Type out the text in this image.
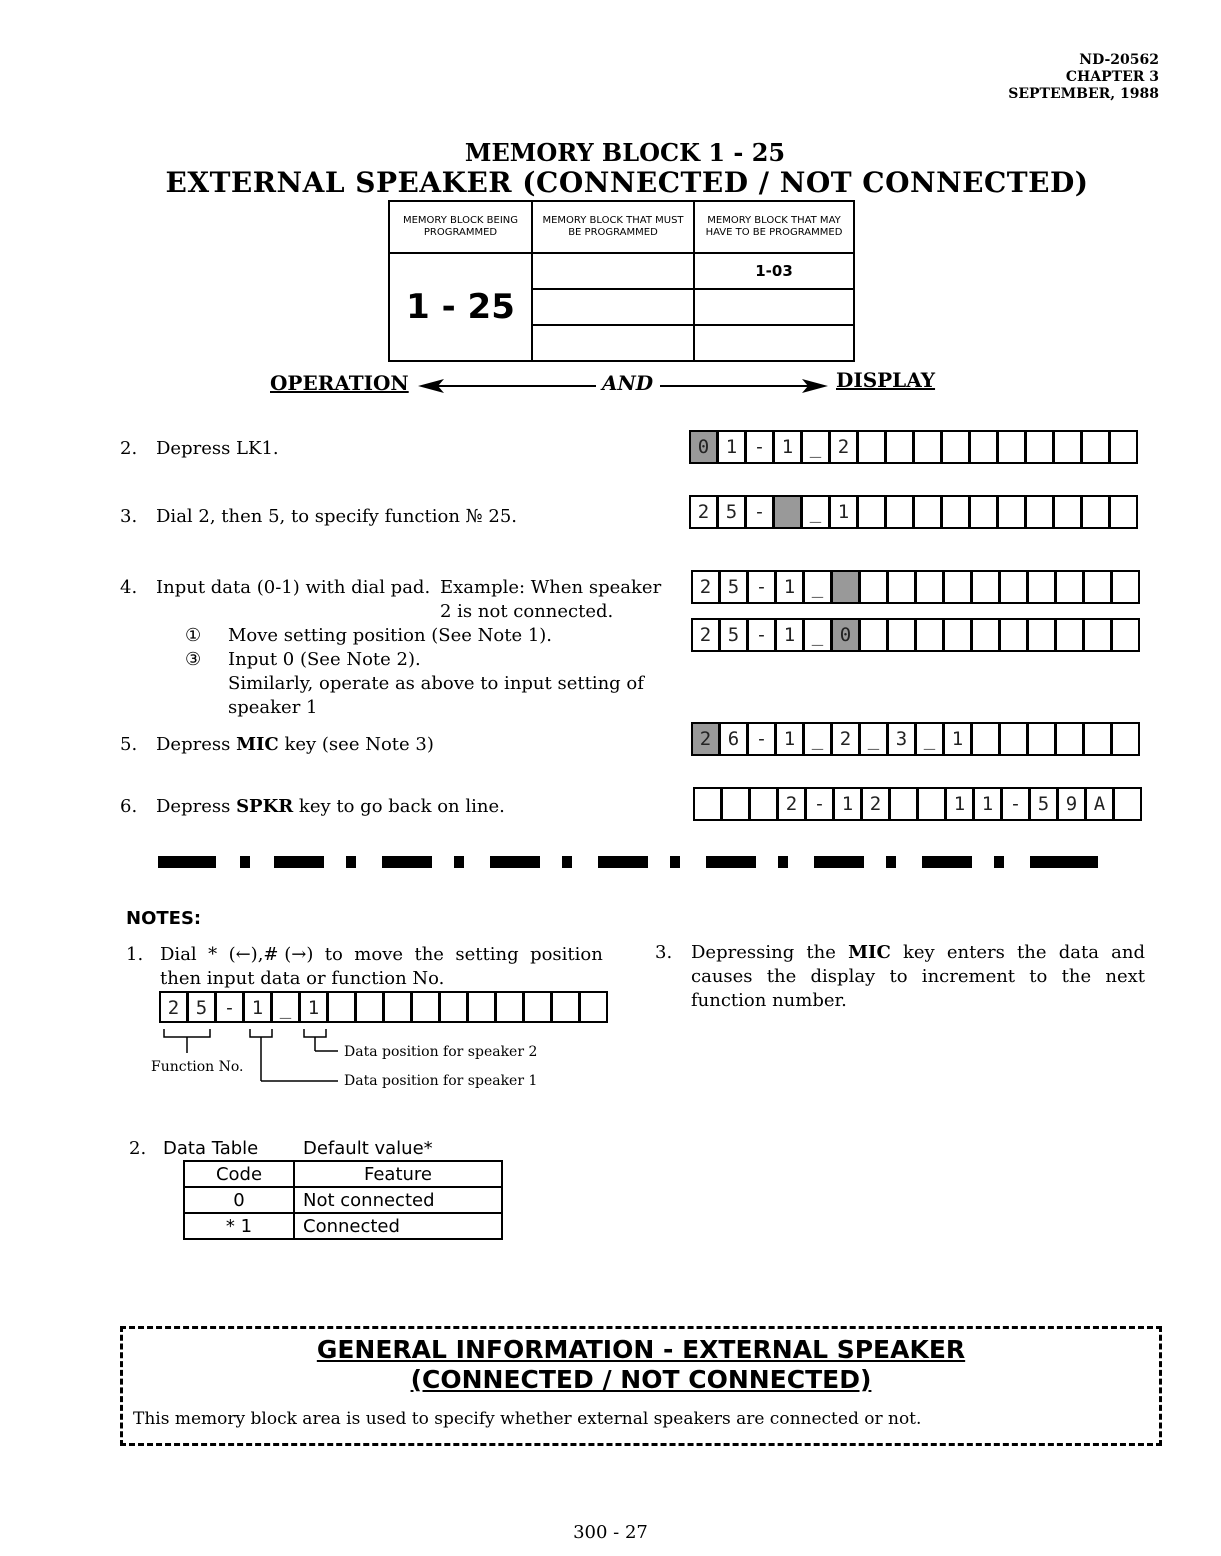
ND-20562
CHAPTER 3
SEPTEMBER, 1988
MEMORY BLOCK 1 - 25
EXTERNAL SPEAKER (CONNECTED / NOT CONNECTED)
MEMORY BLOCK BEING PROGRAMMED	MEMORY BLOCK THAT MUST BE PROGRAMMED	MEMORY BLOCK THAT MAY HAVE TO BE PROGRAMMED
1 - 25		1-03

OPERATION	AND	DISPLAY
2. Depress LK1.
3. Dial 2, then 5, to specify function № 25.
4. Input data (0-1) with dial pad. Example: When speaker
2 is not connected.
① Move setting position (See Note 1).
③ Input 0 (See Note 2).
Similarly, operate as above to input setting of
speaker 1
5. Depress MIC key (see Note 3)
6. Depress SPKR key to go back on line.
0 1 - 1 _ 2
2 5 -	_ 1
2 5 - 1 _
2 5 - 1 _ 0
2 6 - 1 _ 2 _ 3 _ 1
2 - 1 2	1 1 - 5 9 A
NOTES:
1. Dial  *  (←),# (→)  to  move  the  setting  position
then input data or function No.
2 5 - 1 _ 1
Function No.
Data position for speaker 2
Data position for speaker 1
3. Depressing the MIC key enters the data and causes the display to increment to the next function number.
2. Data Table Default value*
Code	Feature
0	Not connected
* 1	Connected
GENERAL INFORMATION - EXTERNAL SPEAKER
(CONNECTED / NOT CONNECTED)
This memory block area is used to specify whether external speakers are connected or not.
300 - 27
